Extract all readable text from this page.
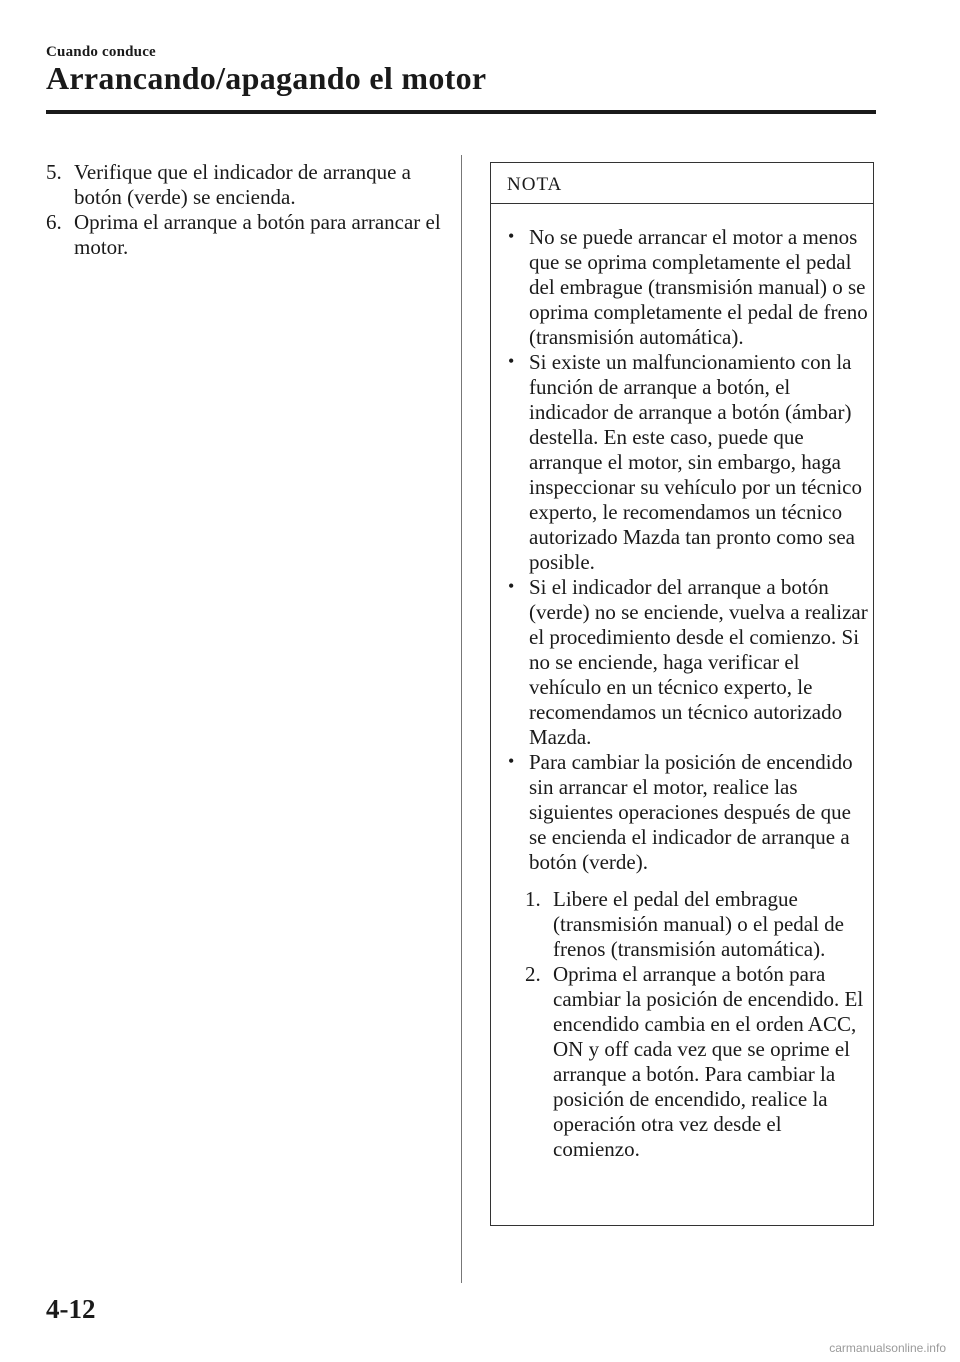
Cuando conduce
Arrancando/apagando el motor
5. Verifique que el indicador de arranque a botón (verde) se encienda.
6. Oprima el arranque a botón para arrancar el motor.
NOTA
• No se puede arrancar el motor a menos que se oprima completamente el pedal del embrague (transmisión manual) o se oprima completamente el pedal de freno (transmisión automática).
• Si existe un malfuncionamiento con la función de arranque a botón, el indicador de arranque a botón (ámbar) destella. En este caso, puede que arranque el motor, sin embargo, haga inspeccionar su vehículo por un técnico experto, le recomendamos un técnico autorizado Mazda tan pronto como sea posible.
• Si el indicador del arranque a botón (verde) no se enciende, vuelva a realizar el procedimiento desde el comienzo. Si no se enciende, haga verificar el vehículo en un técnico experto, le recomendamos un técnico autorizado Mazda.
• Para cambiar la posición de encendido sin arrancar el motor, realice las siguientes operaciones después de que se encienda el indicador de arranque a botón (verde).
1. Libere el pedal del embrague (transmisión manual) o el pedal de frenos (transmisión automática).
2. Oprima el arranque a botón para cambiar la posición de encendido. El encendido cambia en el orden ACC, ON y off cada vez que se oprime el arranque a botón. Para cambiar la posición de encendido, realice la operación otra vez desde el comienzo.
4-12
carmanualsonline.info
